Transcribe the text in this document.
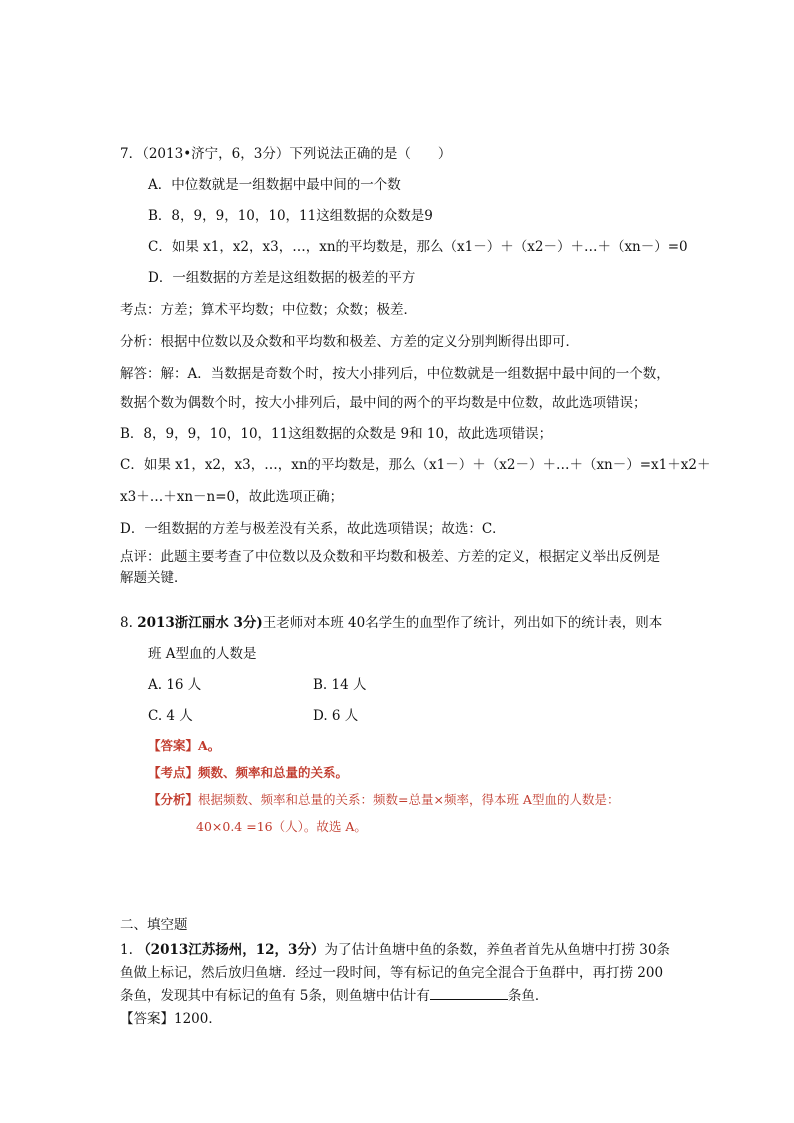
7．（2013•济宁，6，3分）下列说法正确的是（　　）
A．中位数就是一组数据中最中间的一个数
B．8，9，9，10，10，11这组数据的众数是9
C．如果 x1，x2，x3，…，xn的平均数是，那么（x1－）＋（x2－）＋…＋（xn－）=0
D．一组数据的方差是这组数据的极差的平方
考点：方差；算术平均数；中位数；众数；极差．
分析：根据中位数以及众数和平均数和极差、方差的定义分别判断得出即可．
解答：解：A．当数据是奇数个时，按大小排列后，中位数就是一组数据中最中间的一个数，
数据个数为偶数个时，按大小排列后，最中间的两个的平均数是中位数，故此选项错误；
B．8，9，9，10，10，11这组数据的众数是 9和 10，故此选项错误；
C．如果 x1，x2，x3，…，xn的平均数是，那么（x1－）＋（x2－）＋…＋（xn－）=x1＋x2＋
x3＋…＋xn－n=0，故此选项正确；
D．一组数据的方差与极差没有关系，故此选项错误；故选：C．
点评：此题主要考查了中位数以及众数和平均数和极差、方差的定义，根据定义举出反例是
解题关键．
8. 2013浙江丽水 3分)王老师对本班 40名学生的血型作了统计，列出如下的统计表，则本
班 A型血的人数是
A. 16 人	B. 14 人
C. 4 人	D. 6 人
【答案】A。
【考点】频数、频率和总量的关系。
【分析】根据频数、频率和总量的关系：频数=总量×频率，得本班 A型血的人数是：
40×0.4 =16（人）。故选 A。
二、填空题
1. （2013江苏扬州，12，3分）为了估计鱼塘中鱼的条数，养鱼者首先从鱼塘中打捞 30条
鱼做上标记，然后放归鱼塘．经过一段时间，等有标记的鱼完全混合于鱼群中，再打捞 200
条鱼，发现其中有标记的鱼有 5条，则鱼塘中估计有	条鱼．
【答案】1200．
